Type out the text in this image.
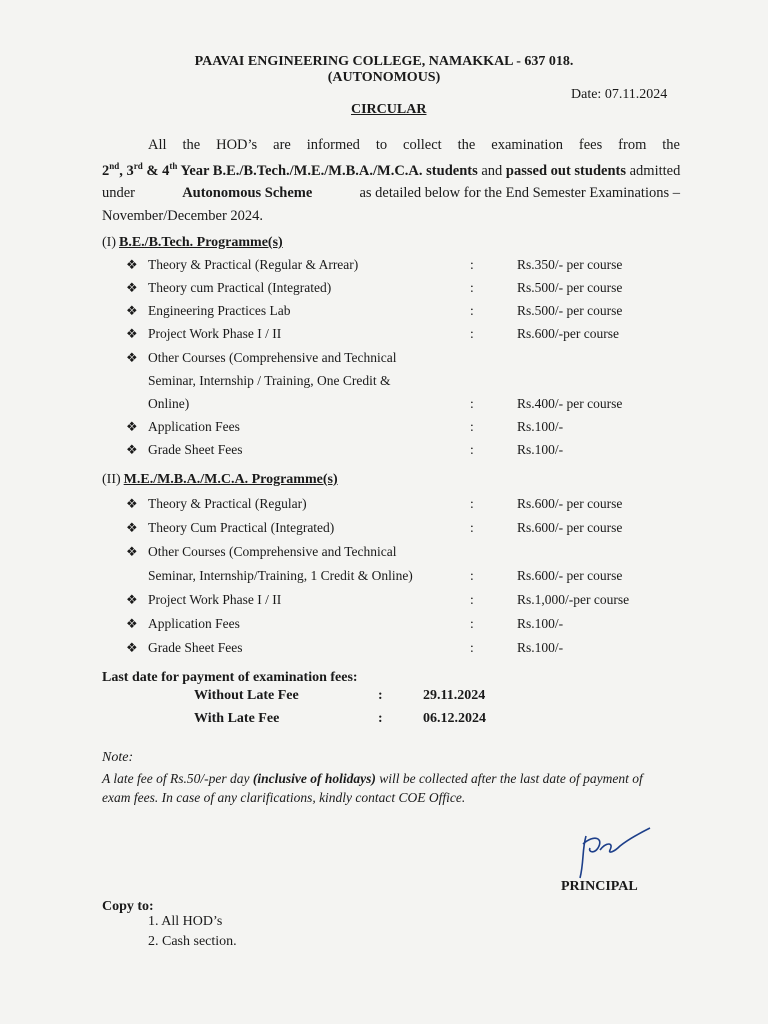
PAAVAI ENGINEERING COLLEGE, NAMAKKAL - 637 018.
(AUTONOMOUS)
Date: 07.11.2024
CIRCULAR
All the HOD’s are informed to collect the examination fees from the
2nd, 3rd & 4th Year B.E./B.Tech./M.E./M.B.A./M.C.A. students and passed out students admitted
under	Autonomous Scheme	as detailed below for the End Semester Examinations –
November/December 2024.
(I) B.E./B.Tech. Programme(s)
❖ Theory & Practical (Regular & Arrear)	:	Rs.350/- per course
❖ Theory cum Practical (Integrated)	:	Rs.500/- per course
❖ Engineering Practices Lab	:	Rs.500/- per course
❖ Project Work Phase I / II	:	Rs.600/-per course
❖ Other Courses (Comprehensive and Technical
Seminar, Internship / Training, One Credit &
Online)	:	Rs.400/- per course
❖ Application Fees	:	Rs.100/-
❖ Grade Sheet Fees	:	Rs.100/-
(II) M.E./M.B.A./M.C.A. Programme(s)
❖ Theory & Practical (Regular)	:	Rs.600/- per course
❖ Theory Cum Practical (Integrated)	:	Rs.600/- per course
❖ Other Courses (Comprehensive and Technical
Seminar, Internship/Training, 1 Credit & Online)	:	Rs.600/- per course
❖ Project Work Phase I / II	:	Rs.1,000/-per course
❖ Application Fees	:	Rs.100/-
❖ Grade Sheet Fees	:	Rs.100/-
Last date for payment of examination fees:
Without Late Fee	:	29.11.2024
With Late Fee	:	06.12.2024
Note:
A late fee of Rs.50/-per day (inclusive of holidays) will be collected after the last date of payment of
exam fees. In case of any clarifications, kindly contact COE Office.
PRINCIPAL
Copy to:
1. All HOD’s
2. Cash section.
